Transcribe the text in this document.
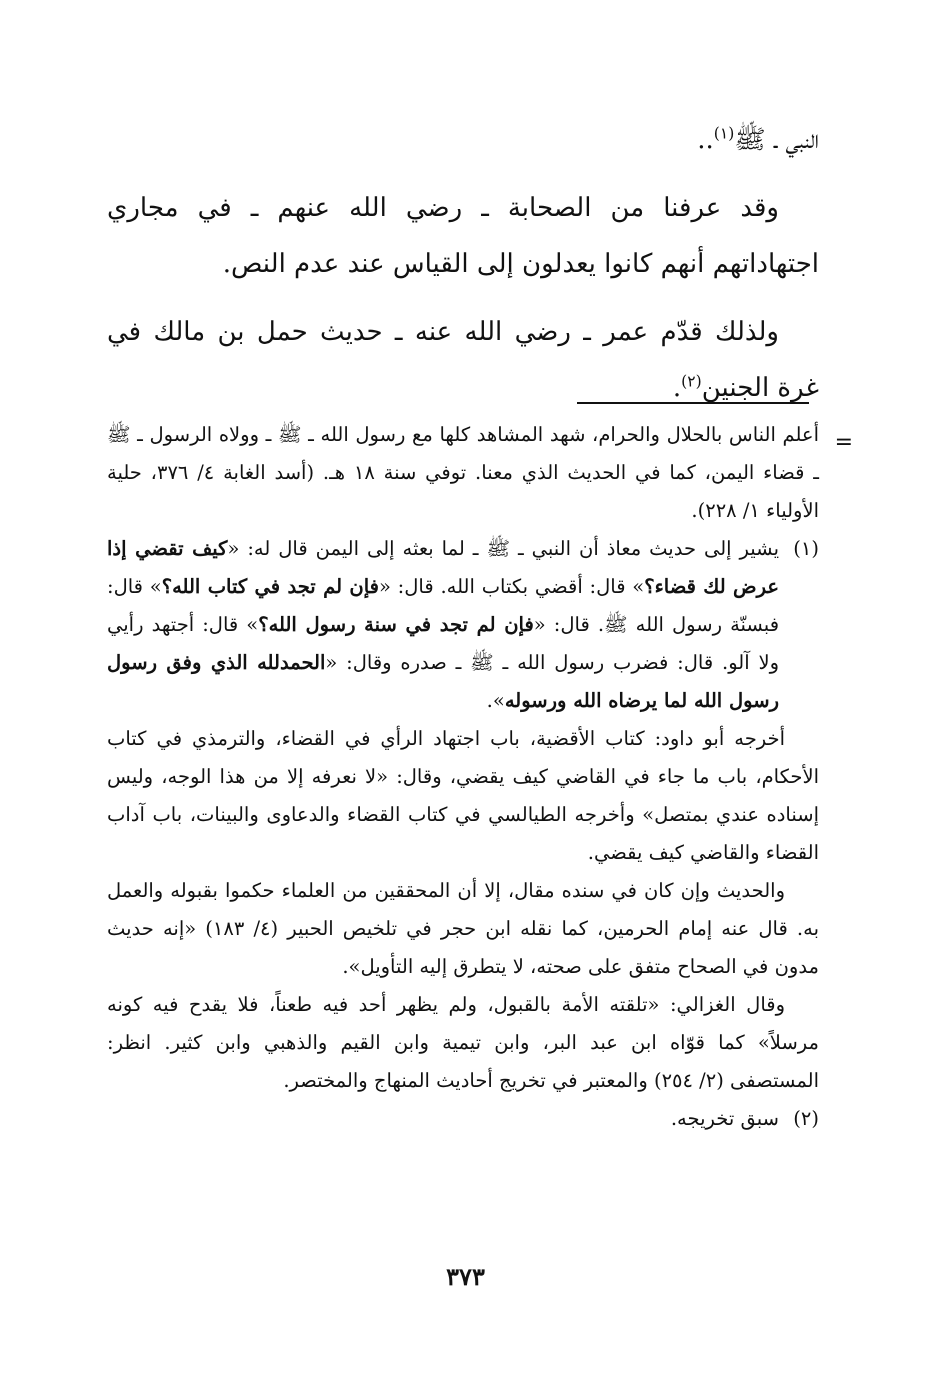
النبي ـ ﷺ$^{(١)}$..

وقد عرفنا من الصحابة ـ رضي الله عنهم ـ في مجاري اجتهاداتهم أنهم كانوا يعدلون إلى القياس عند عدم النص.

ولذلك قدّم عمر ـ رضي الله عنه ـ حديث حمل بن مالك في غرة الجنين$^{(٢)}$.

=

أعلم الناس بالحلال والحرام، شهد المشاهد كلها مع رسول الله ـ ﷺ ـ وولاه الرسول ـ ﷺ ـ قضاء اليمن، كما في الحديث الذي معنا. توفي سنة ١٨ هـ. (أسد الغابة ٤/ ٣٧٦، حلية الأولياء ١/ ٢٢٨).

(١)
يشير إلى حديث معاذ أن النبي ـ ﷺ ـ لما بعثه إلى اليمن قال له: «كيف تقضي إذا عرض لك قضاء؟» قال: أقضي بكتاب الله. قال: «فإن لم تجد في كتاب الله؟» قال: فبسنّة رسول الله ﷺ. قال: «فإن لم تجد في سنة رسول الله؟» قال: أجتهد رأيي ولا آلو. قال: فضرب رسول الله ـ ﷺ ـ صدره وقال: «الحمدلله الذي وفق رسول رسول الله لما يرضاه الله ورسوله».

أخرجه أبو داود: كتاب الأقضية، باب اجتهاد الرأي في القضاء، والترمذي في كتاب الأحكام، باب ما جاء في القاضي كيف يقضي، وقال: «لا نعرفه إلا من هذا الوجه، وليس إسناده عندي بمتصل» وأخرجه الطيالسي في كتاب القضاء والدعاوى والبينات، باب آداب القضاء والقاضي كيف يقضي.

والحديث وإن كان في سنده مقال، إلا أن المحققين من العلماء حكموا بقبوله والعمل به. قال عنه إمام الحرمين، كما نقله ابن حجر في تلخيص الحبير (٤/ ١٨٣) «إنه حديث مدون في الصحاح متفق على صحته، لا يتطرق إليه التأويل».

وقال الغزالي: «تلقته الأمة بالقبول، ولم يظهر أحد فيه طعناً، فلا يقدح فيه كونه مرسلاً» كما قوّاه ابن عبد البر، وابن تيمية وابن القيم والذهبي وابن كثير. انظر: المستصفى (٢/ ٢٥٤) والمعتبر في تخريج أحاديث المنهاج والمختصر.

(٢)
سبق تخريجه.

٣٧٣
